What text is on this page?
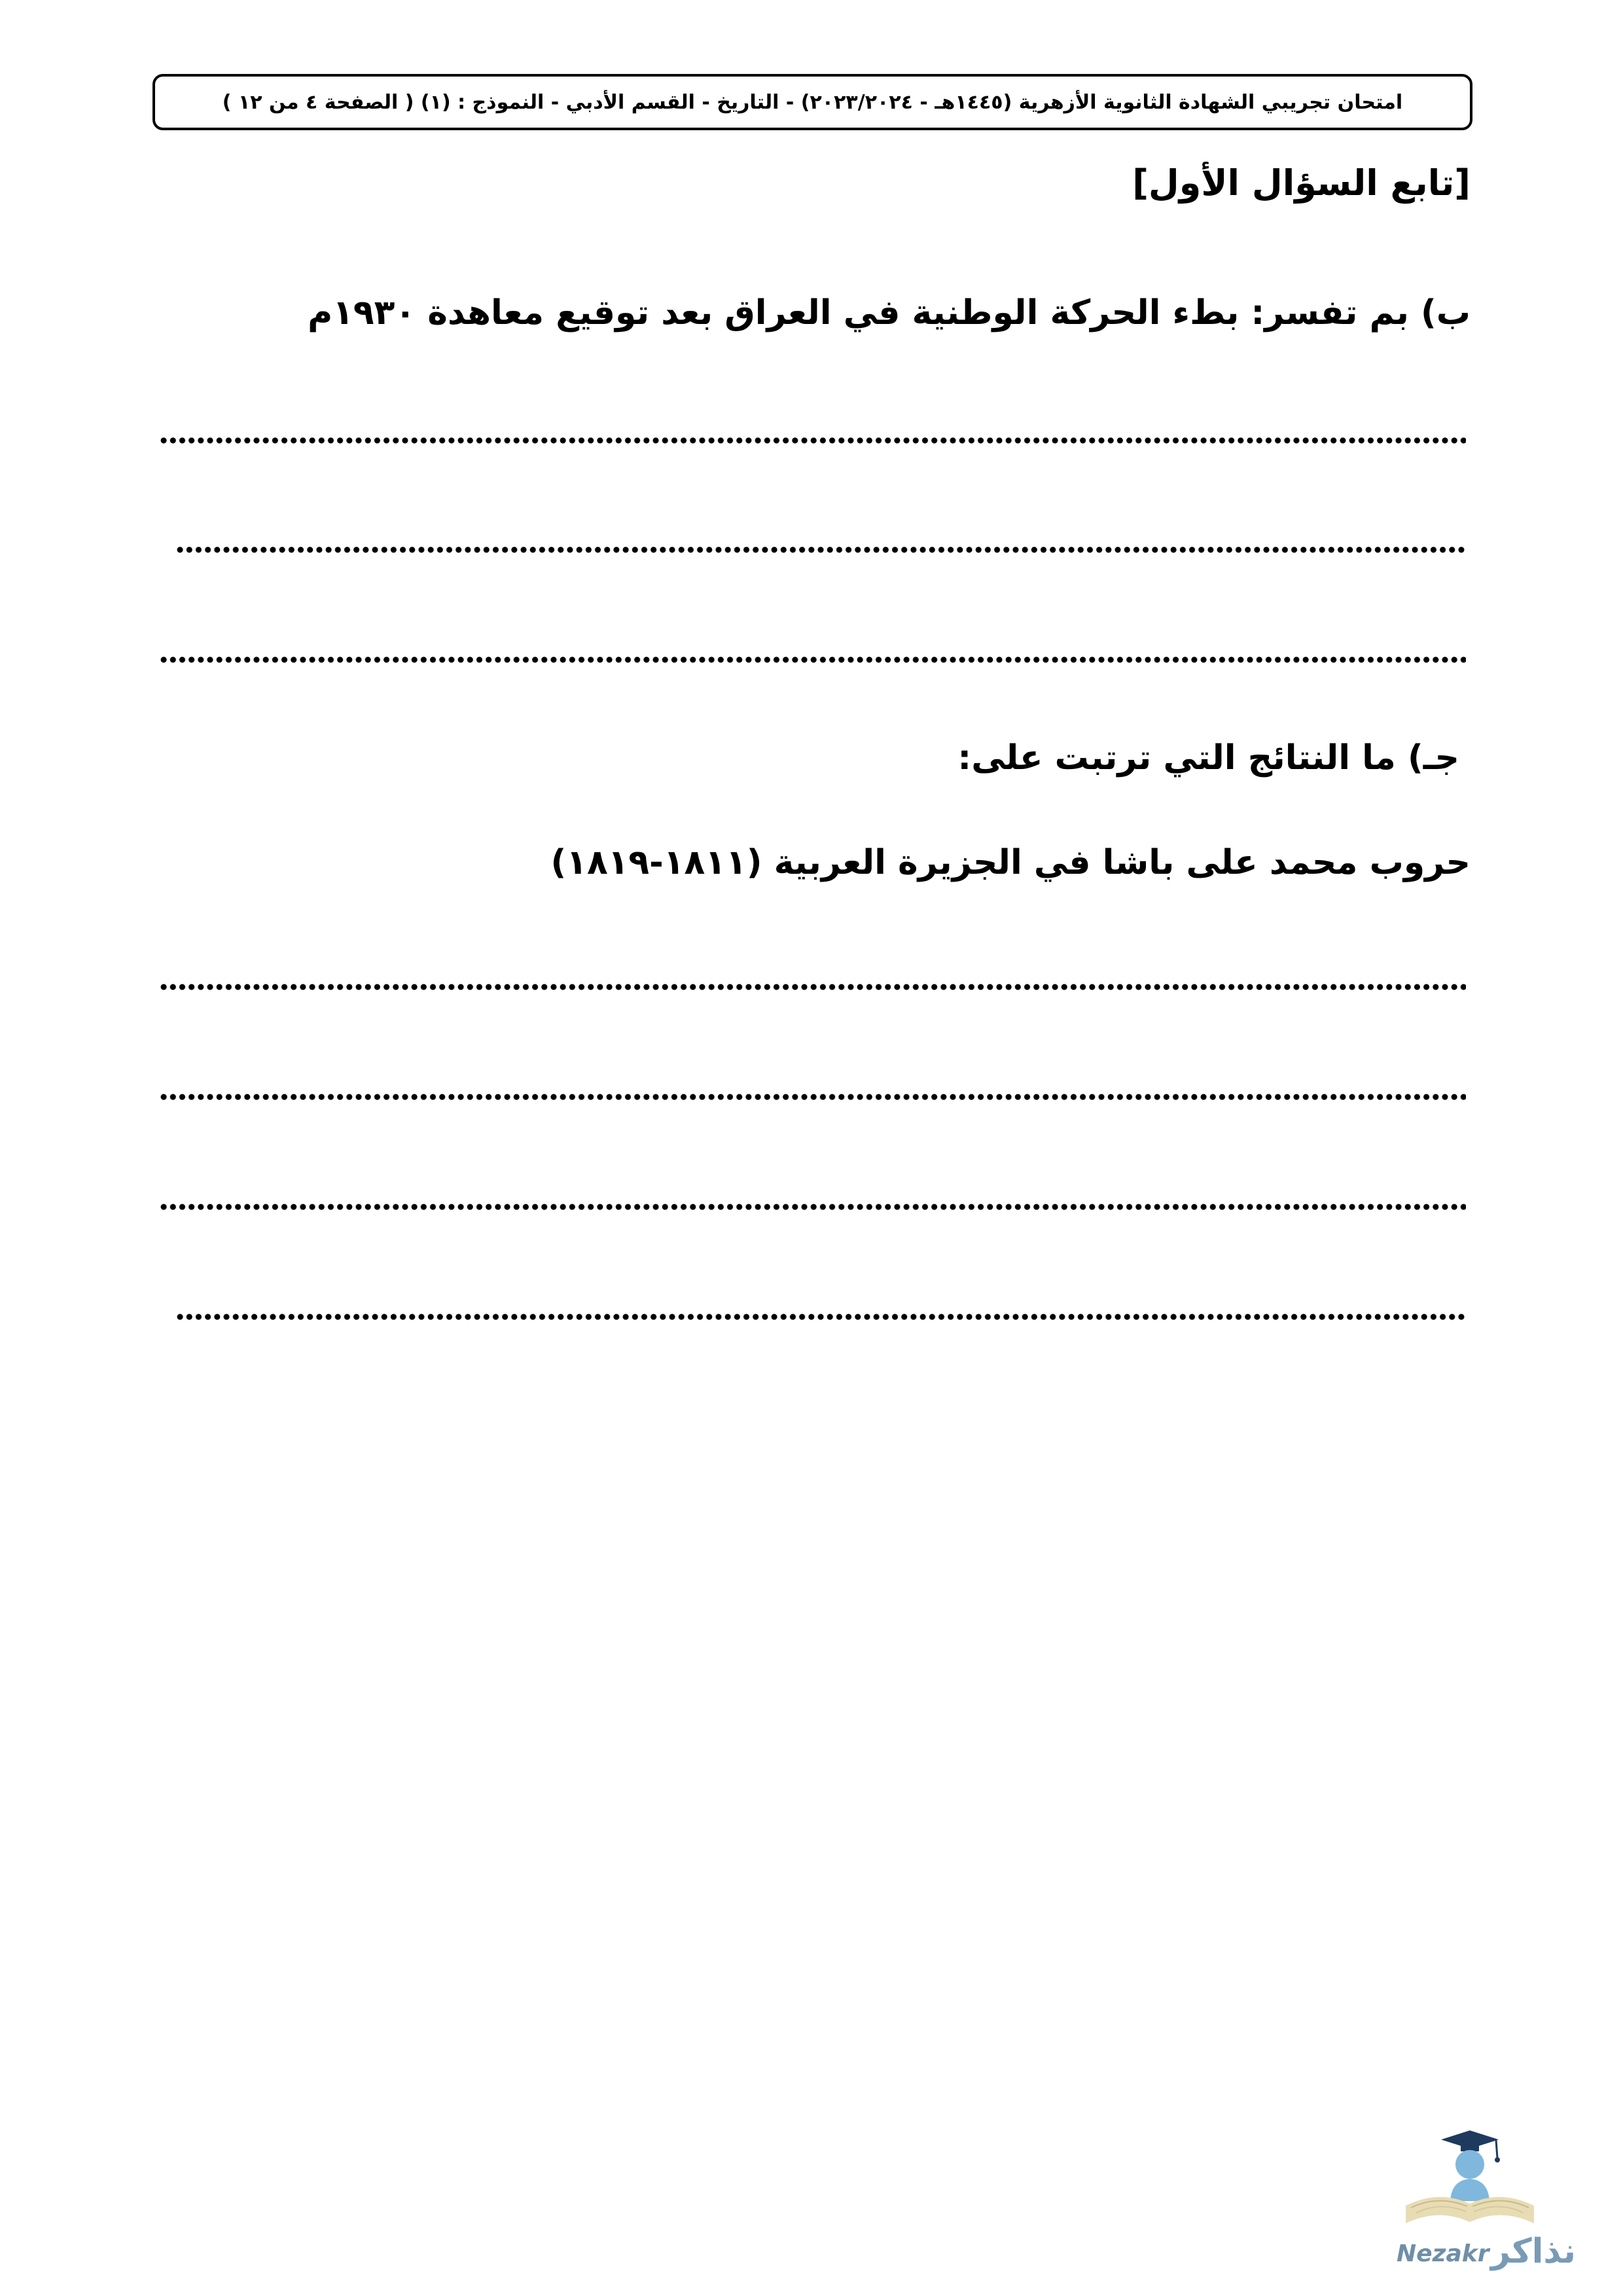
امتحان تجريبي الشهادة الثانوية الأزهرية (١٤٤٥هـ - ٢٠٢٣/٢٠٢٤) - التاريخ - القسم الأدبي - النموذج : (١) ( الصفحة ٤ من ١٢ )
[تابع السؤال الأول]
ب) بم تفسر: بطء الحركة الوطنية في العراق بعد توقيع معاهدة ١٩٣٠م
جـ) ما النتائج التي ترتبت على:
حروب محمد على باشا في الجزيرة العربية (١٨١١-١٨١٩)
Nezakr نذاكر
